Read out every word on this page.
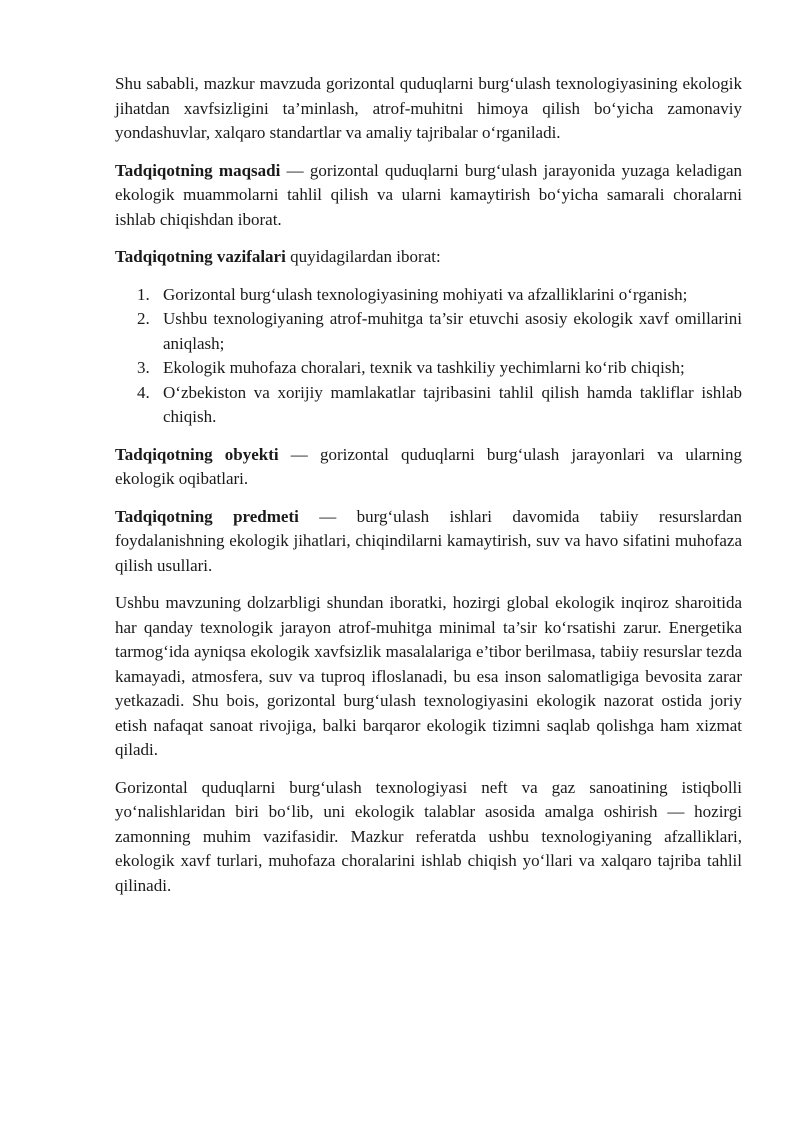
Shu sababli, mazkur mavzuda gorizontal quduqlarni burg‘ulash texnologiyasining ekologik jihatdan xavfsizligini ta’minlash, atrof-muhitni himoya qilish bo‘yicha zamonaviy yondashuvlar, xalqaro standartlar va amaliy tajribalar o‘rganiladi.

Tadqiqotning maqsadi — gorizontal quduqlarni burg‘ulash jarayonida yuzaga keladigan ekologik muammolarni tahlil qilish va ularni kamaytirish bo‘yicha samarali choralarni ishlab chiqishdan iborat.

Tadqiqotning vazifalari quyidagilardan iborat:

1. Gorizontal burg‘ulash texnologiyasining mohiyati va afzalliklarini o‘rganish;
2. Ushbu texnologiyaning atrof-muhitga ta’sir etuvchi asosiy ekologik xavf omillarini aniqlash;
3. Ekologik muhofaza choralari, texnik va tashkiliy yechimlarni ko‘rib chiqish;
4. O‘zbekiston va xorijiy mamlakatlar tajribasini tahlil qilish hamda takliflar ishlab chiqish.

Tadqiqotning obyekti — gorizontal quduqlarni burg‘ulash jarayonlari va ularning ekologik oqibatlari.

Tadqiqotning predmeti — burg‘ulash ishlari davomida tabiiy resurslardan foydalanishning ekologik jihatlari, chiqindilarni kamaytirish, suv va havo sifatini muhofaza qilish usullari.

Ushbu mavzuning dolzarbligi shundan iboratki, hozirgi global ekologik inqiroz sharoitida har qanday texnologik jarayon atrof-muhitga minimal ta’sir ko‘rsatishi zarur. Energetika tarmog‘ida ayniqsa ekologik xavfsizlik masalalariga e’tibor berilmasa, tabiiy resurslar tezda kamayadi, atmosfera, suv va tuproq ifloslanadi, bu esa inson salomatligiga bevosita zarar yetkazadi. Shu bois, gorizontal burg‘ulash texnologiyasini ekologik nazorat ostida joriy etish nafaqat sanoat rivojiga, balki barqaror ekologik tizimni saqlab qolishga ham xizmat qiladi.

Gorizontal quduqlarni burg‘ulash texnologiyasi neft va gaz sanoatining istiqbolli yo‘nalishlaridan biri bo‘lib, uni ekologik talablar asosida amalga oshirish — hozirgi zamonning muhim vazifasidir. Mazkur referatda ushbu texnologiyaning afzalliklari, ekologik xavf turlari, muhofaza choralarini ishlab chiqish yo‘llari va xalqaro tajriba tahlil qilinadi.
